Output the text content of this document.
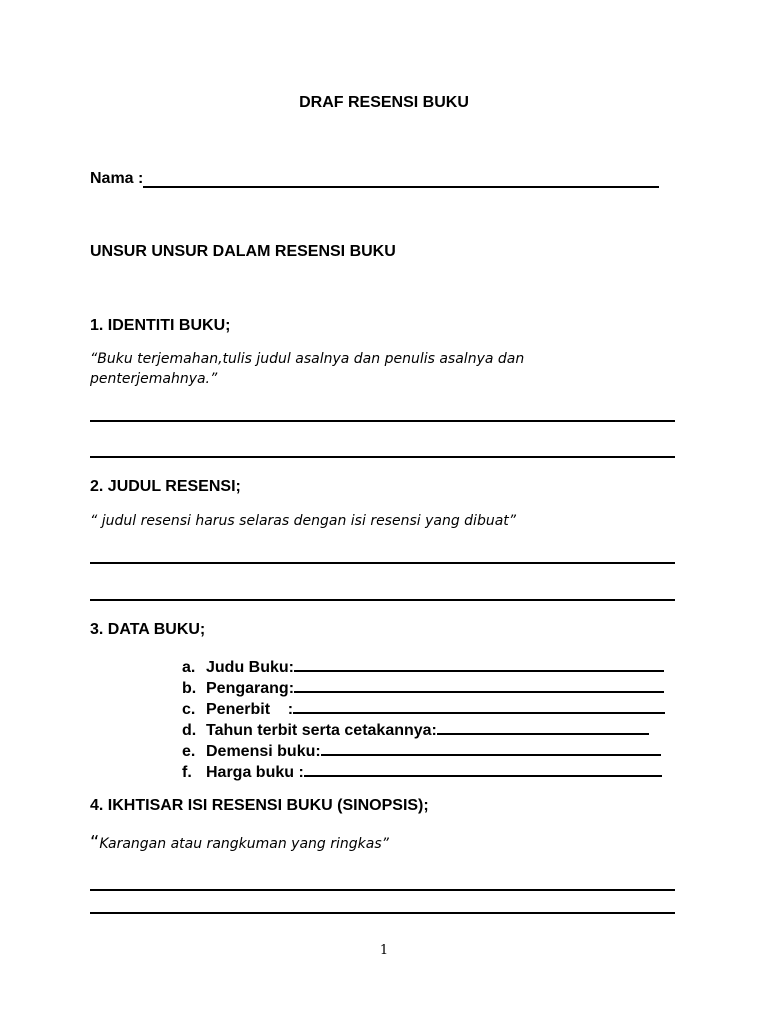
DRAF RESENSI BUKU
Nama :
UNSUR UNSUR DALAM RESENSI BUKU
1. IDENTITI BUKU;
“Buku terjemahan,tulis judul asalnya dan penulis asalnya dan penterjemahnya.”
2. JUDUL RESENSI;
“ judul resensi harus selaras dengan isi resensi yang dibuat”
3. DATA BUKU;
a. Judu Buku:
b. Pengarang:
c. Penerbit    :
d. Tahun terbit serta cetakannya:
e. Demensi buku:
f. Harga buku :
4. IKHTISAR ISI RESENSI BUKU (SINOPSIS);
“Karangan atau rangkuman yang ringkas”
1
